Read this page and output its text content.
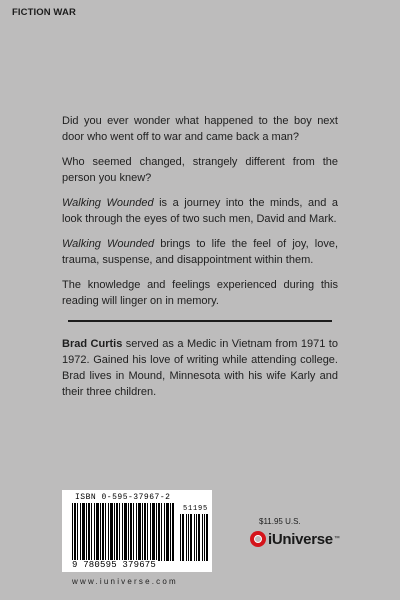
FICTION WAR

Did you ever wonder what happened to the boy next door who went off to war and came back a man?

Who seemed changed, strangely different from the person you knew?

Walking Wounded is a journey into the minds, and a look through the eyes of two such men, David and Mark.

Walking Wounded brings to life the feel of joy, love, trauma, suspense, and disappointment within them.

The knowledge and feelings experienced during this reading will linger on in memory.

Brad Curtis served as a Medic in Vietnam from 1971 to 1972. Gained his love of writing while attending college. Brad lives in Mound, Minnesota with his wife Karly and their three children.

ISBN 0-595-37967-2
51195
9 780595 379675
www.iuniverse.com
$11.95 U.S.
iUniverse ™
